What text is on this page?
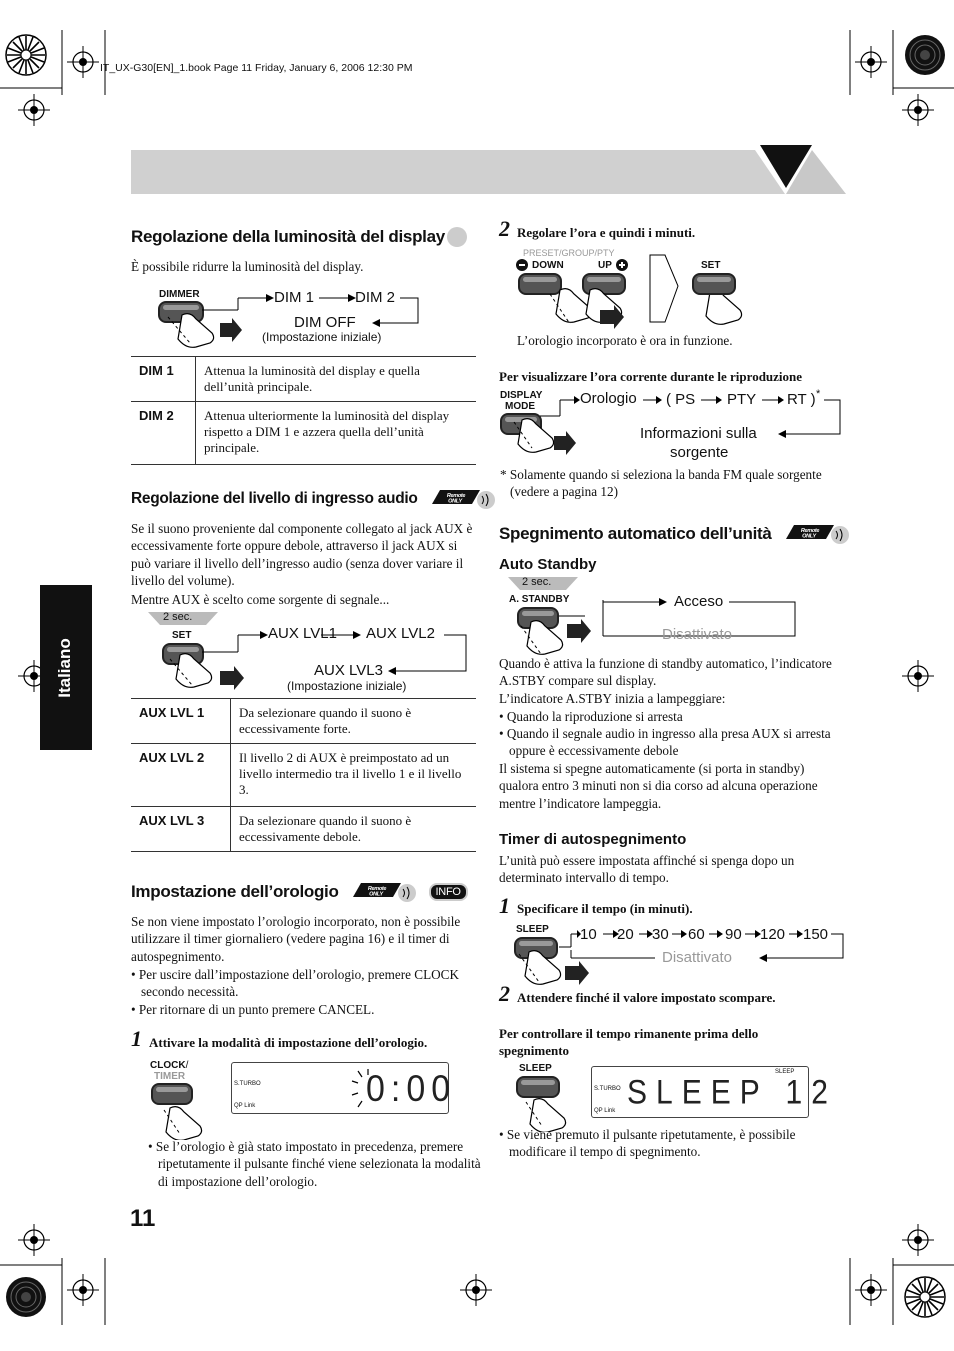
IT_UX-G30[EN]_1.book Page 11 Friday, January 6, 2006 12:30 PM
Italiano
11
Regolazione della luminosità del display
È possibile ridurre la luminosità del display.
DIMMER	DIM 1	DIM 2
DIM OFF
(Impostazione iniziale)
DIM 1	Attenua la luminosità del display e quella dell’unità principale.
DIM 2	Attenua ulteriormente la luminosità del display rispetto a DIM 1 e azzera quella dell’unità principale.
Regolazione del livello di ingresso audio	Remote
ONLY
Se il suono proveniente dal componente collegato al jack AUX è eccessivamente forte oppure debole, attraverso il jack AUX si può variare il livello dell’ingresso audio (senza dover variare il livello del volume).
Mentre AUX è scelto come sorgente di segnale...
2 sec.
SET	AUX LVL1 AUX LVL2
AUX LVL3
(Impostazione iniziale)
AUX LVL 1	Da selezionare quando il suono è eccessivamente forte.
AUX LVL 2	Il livello 2 di AUX è preimpostato ad un livello intermedio tra il livello 1 e il livello 3.
AUX LVL 3	Da selezionare quando il suono è eccessivamente debole.
Impostazione dell’orologio	Remote
ONLY	INFO
Se non viene impostato l’orologio incorporato, non è possibile utilizzare il timer giornaliero (vedere pagina 16) e il timer di autospegnimento.
• Per uscire dall’impostazione dell’orologio, premere CLOCK secondo necessità.
• Per ritornare di un punto premere CANCEL.
1 Attivare la modalità di impostazione dell’orologio.
CLOCK/
TIMER
S.TURBO
QP Link	0:00
• Se l’orologio è già stato impostato in precedenza, premere ripetutamente il pulsante finché viene selezionata la modalità di impostazione dell’orologio.
2 Regolare l’ora e quindi i minuti.
PRESET/GROUP/PTY
DOWN	UP	SET
L’orologio incorporato è ora in funzione.
Per visualizzare l’ora corrente durante le riproduzione
DISPLAY
MODE	Orologio ( PS PTY RT ) *
Informazioni sulla
sorgente
* Solamente quando si seleziona la banda FM quale sorgente (vedere a pagina 12)
Spegnimento automatico dell’unità	Remote
ONLY
Auto Standby
2 sec.
A. STANDBY	Acceso
Disattivato
Quando è attiva la funzione di standby automatico, l’indicatore A.STBY compare sul display.
L’indicatore A.STBY inizia a lampeggiare:
• Quando la riproduzione si arresta
• Quando il segnale audio in ingresso alla presa AUX si arresta oppure è eccessivamente debole
Il sistema si spegne automaticamente (si porta in standby) qualora entro 3 minuti non si dia corso ad alcuna operazione mentre l’indicatore lampeggia.
Timer di autospegnimento
L’unità può essere impostata affinché si spenga dopo un determinato intervallo di tempo.
1 Specificare il tempo (in minuti).
SLEEP 10 20 30 60 90 120 150
Disattivato
2 Attendere finché il valore impostato scompare.
Per controllare il tempo rimanente prima dello spegnimento
SLEEP	SLEEP
S.TURBO
QP Link SLEEP 12
• Se viene premuto il pulsante ripetutamente, è possibile modificare il tempo di spegnimento.
